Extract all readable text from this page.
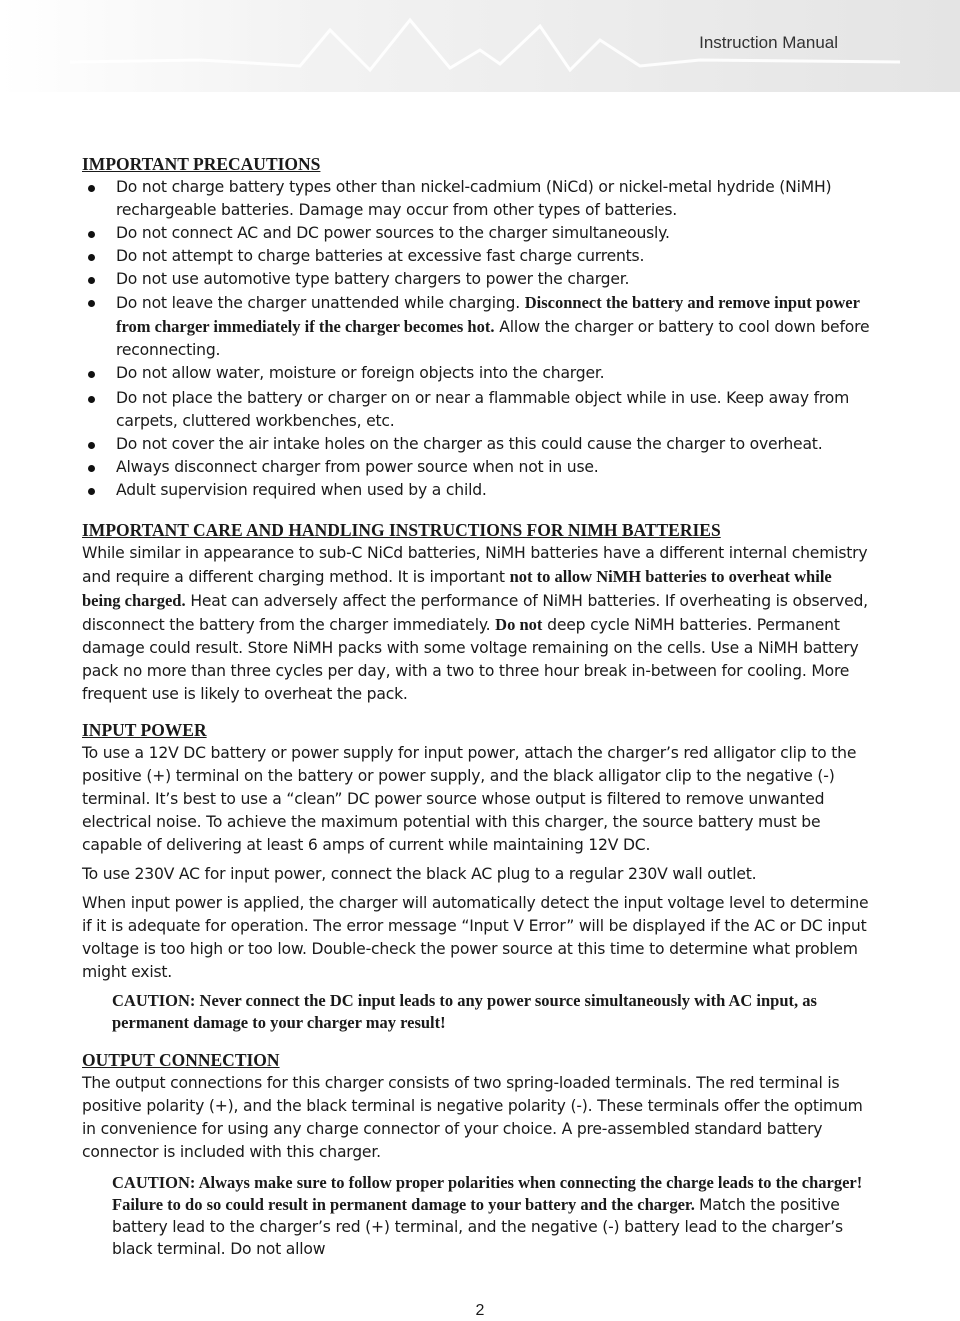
Instruction Manual
IMPORTANT PRECAUTIONS
Do not charge battery types other than nickel-cadmium (NiCd) or nickel-metal hydride (NiMH) rechargeable batteries. Damage may occur from other types of batteries.
Do not connect AC and DC power sources to the charger simultaneously.
Do not attempt to charge batteries at excessive fast charge currents.
Do not use automotive type battery chargers to power the charger.
Do not leave the charger unattended while charging. Disconnect the battery and remove input power from charger immediately if the charger becomes hot. Allow the charger or battery to cool down before reconnecting.
Do not allow water, moisture or foreign objects into the charger.
Do not place the battery or charger on or near a flammable object while in use. Keep away from carpets, cluttered workbenches, etc.
Do not cover the air intake holes on the charger as this could cause the charger to overheat.
Always disconnect charger from power source when not in use.
Adult supervision required when used by a child.
IMPORTANT CARE AND HANDLING INSTRUCTIONS FOR NIMH BATTERIES

While similar in appearance to sub-C NiCd batteries, NiMH batteries have a different internal chemistry and require a different charging method. It is important not to allow NiMH batteries to overheat while being charged. Heat can adversely affect the performance of NiMH batteries. If overheating is observed, disconnect the battery from the charger immediately. Do not deep cycle NiMH batteries. Permanent damage could result. Store NiMH packs with some voltage remaining on the cells. Use a NiMH battery pack no more than three cycles per day, with a two to three hour break in-between for cooling. More frequent use is likely to overheat the pack.

INPUT POWER

To use a 12V DC battery or power supply for input power, attach the charger’s red alligator clip to the positive (+) terminal on the battery or power supply, and the black alligator clip to the negative (-) terminal. It’s best to use a “clean” DC power source whose output is filtered to remove unwanted electrical noise. To achieve the maximum potential with this charger, the source battery must be capable of delivering at least 6 amps of current while maintaining 12V DC.

To use 230V AC for input power, connect the black AC plug to a regular 230V wall outlet.

When input power is applied, the charger will automatically detect the input voltage level to determine if it is adequate for operation. The error message “Input V Error” will be displayed if the AC or DC input voltage is too high or too low. Double-check the power source at this time to determine what problem might exist.

CAUTION: Never connect the DC input leads to any power source simultaneously with AC input, as permanent damage to your charger may result!

OUTPUT CONNECTION

The output connections for this charger consists of two spring-loaded terminals. The red terminal is positive polarity (+), and the black terminal is negative polarity (-). These terminals offer the optimum in convenience for using any charge connector of your choice. A pre-assembled standard battery connector is included with this charger.

CAUTION: Always make sure to follow proper polarities when connecting the charge leads to the charger! Failure to do so could result in permanent damage to your battery and the charger. Match the positive battery lead to the charger’s red (+) terminal, and the negative (-) battery lead to the charger’s black terminal. Do not allow

2
